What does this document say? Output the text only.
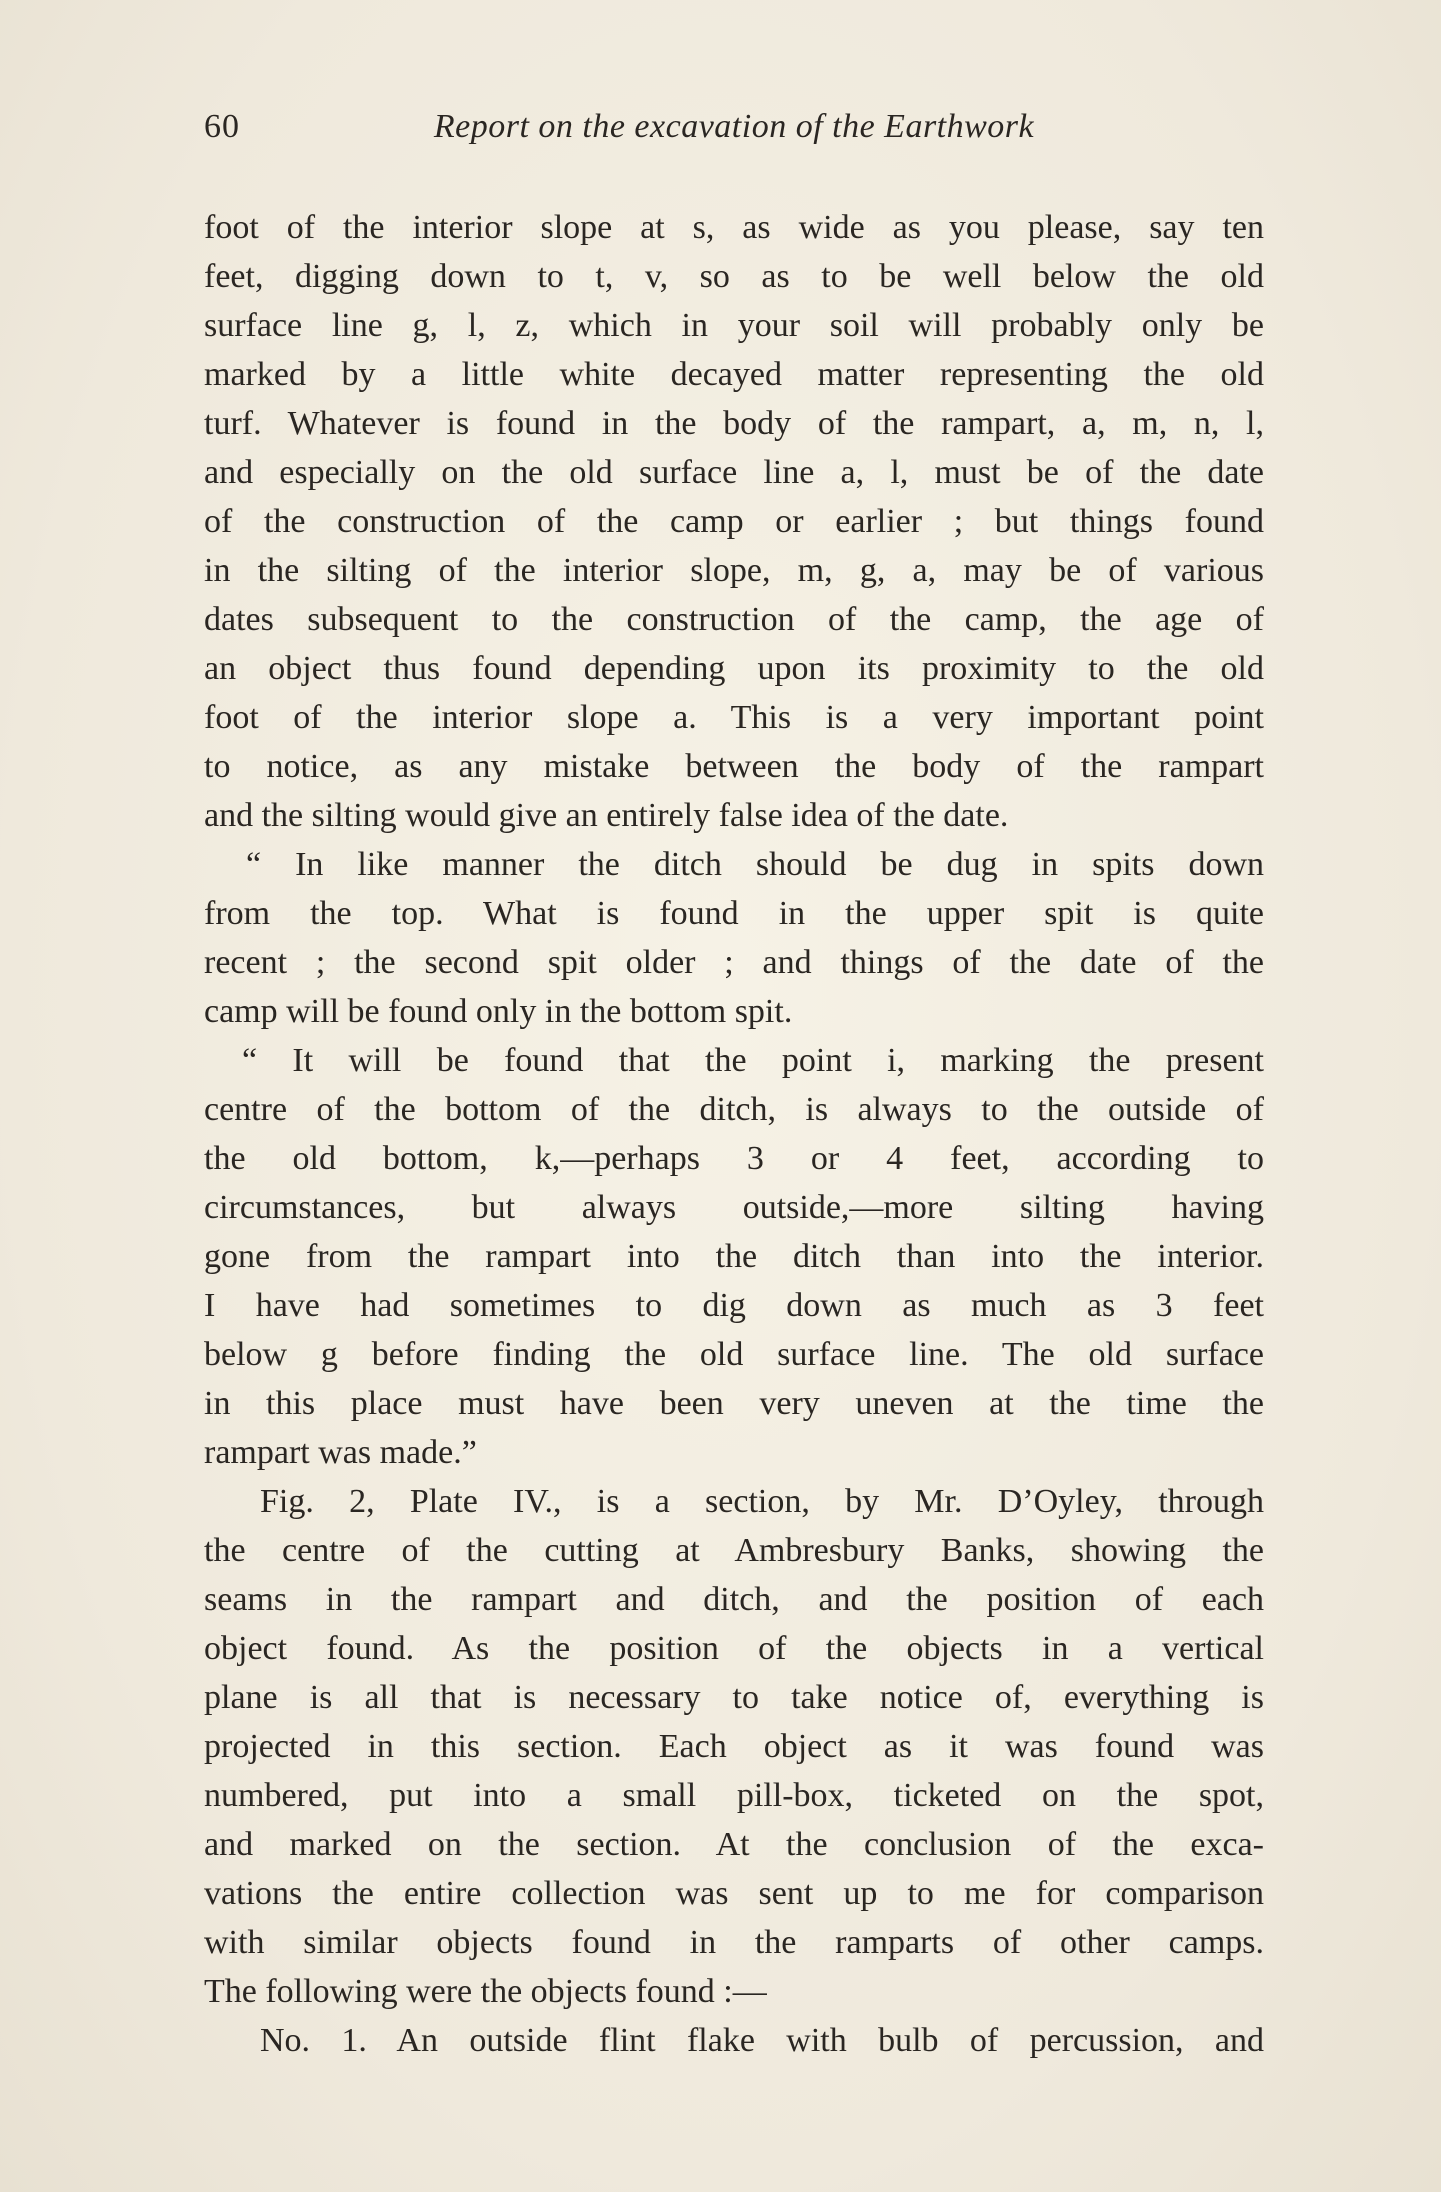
60	Report on the excavation of the Earthwork
foot of the interior slope at s, as wide as you please, say ten
feet, digging down to t, v, so as to be well below the old
surface line g, l, z, which in your soil will probably only be
marked by a little white decayed matter representing the old
turf. Whatever is found in the body of the rampart, a, m, n, l,
and especially on the old surface line a, l, must be of the date
of the construction of the camp or earlier ; but things found
in the silting of the interior slope, m, g, a, may be of various
dates subsequent to the construction of the camp, the age of
an object thus found depending upon its proximity to the old
foot of the interior slope a. This is a very important point
to notice, as any mistake between the body of the rampart
and the silting would give an entirely false idea of the date.
“ In like manner the ditch should be dug in spits down
from the top. What is found in the upper spit is quite
recent ; the second spit older ; and things of the date of the
camp will be found only in the bottom spit.
“ It will be found that the point i, marking the present
centre of the bottom of the ditch, is always to the outside of
the old bottom, k,—perhaps 3 or 4 feet, according to
circumstances, but always outside,—more silting having
gone from the rampart into the ditch than into the interior.
I have had sometimes to dig down as much as 3 feet
below g before finding the old surface line. The old surface
in this place must have been very uneven at the time the
rampart was made.”
Fig. 2, Plate IV., is a section, by Mr. D’Oyley, through
the centre of the cutting at Ambresbury Banks, showing the
seams in the rampart and ditch, and the position of each
object found. As the position of the objects in a vertical
plane is all that is necessary to take notice of, everything is
projected in this section. Each object as it was found was
numbered, put into a small pill-box, ticketed on the spot,
and marked on the section. At the conclusion of the exca-
vations the entire collection was sent up to me for comparison
with similar objects found in the ramparts of other camps.
The following were the objects found :—
No. 1. An outside flint flake with bulb of percussion, and
